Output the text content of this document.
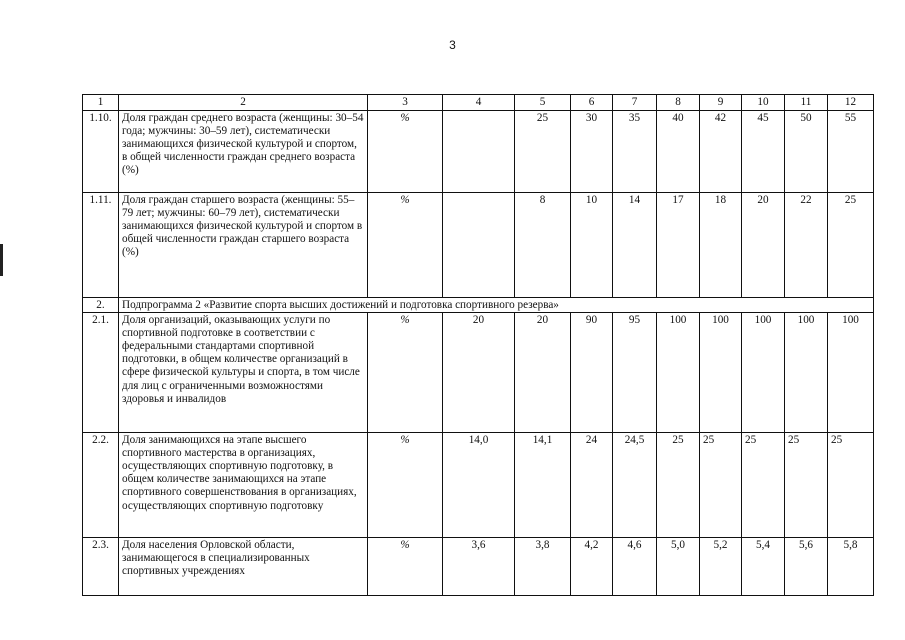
3
1	2	3	4	5	6	7	8	9	10	11	12
1.10.	Доля граждан среднего возраста (женщины: 30–54 года; мужчины: 30–59 лет), систематически занимающихся физической культурой и спортом, в общей численности граждан среднего возраста (%)	%		25	30	35	40	42	45	50	55
1.11.	Доля граждан старшего возраста (женщины: 55–79 лет; мужчины: 60–79 лет), систематически занимающихся физической культурой и спортом в общей численности граждан старшего возраста (%)	%		8	10	14	17	18	20	22	25
2.	Подпрограмма 2 «Развитие спорта высших достижений и подготовка спортивного резерва»										
2.1.	Доля организаций, оказывающих услуги по спортивной подготовке в соответствии с федеральными стандартами спортивной подготовки, в общем количестве организаций в сфере физической культуры и спорта, в том числе для лиц с ограниченными возможностями здоровья и инвалидов	%	20	20	90	95	100	100	100	100	100
2.2.	Доля занимающихся на этапе высшего спортивного мастерства в организациях, осуществляющих спортивную подготовку, в общем количестве занимающихся на этапе спортивного совершенствования в организациях, осуществляющих спортивную подготовку	%	14,0	14,1	24	24,5	25	25	25	25	25
2.3.	Доля населения Орловской области, занимающегося в специализированных спортивных учреждениях	%	3,6	3,8	4,2	4,6	5,0	5,2	5,4	5,6	5,8
